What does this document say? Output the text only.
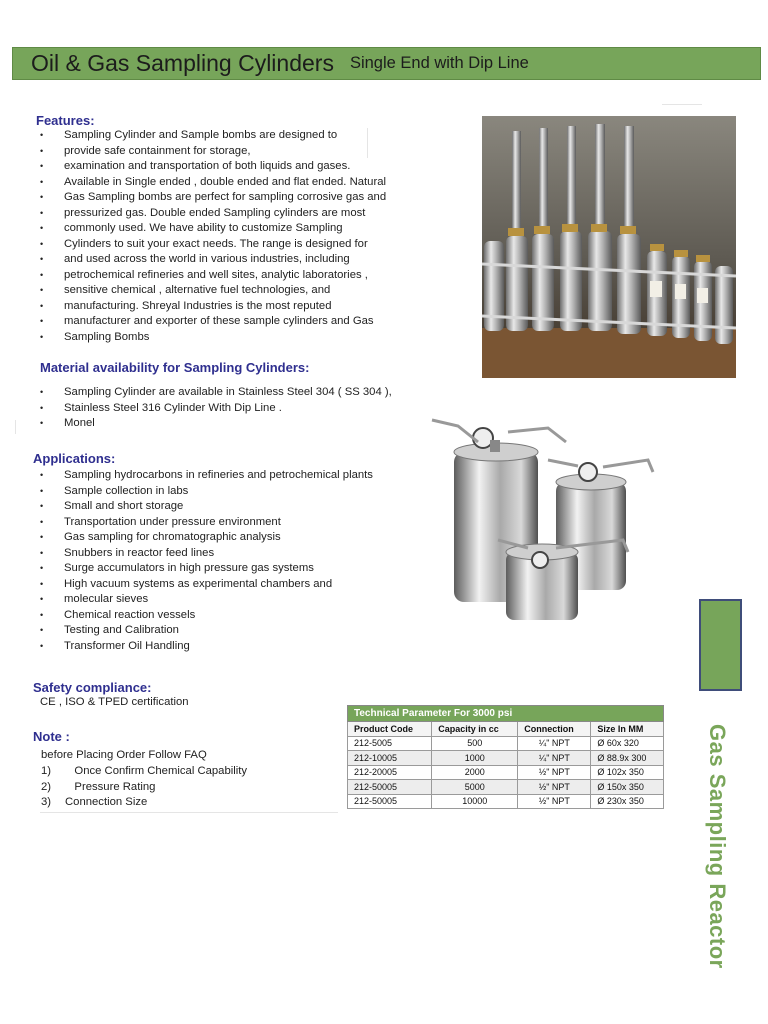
Oil & Gas Sampling Cylinders Single End with Dip Line
Features:
• Sampling Cylinder and Sample bombs are designed to
• provide safe containment for storage,
• examination and transportation of both liquids and gases.
• Available in Single ended , double ended and flat ended. Natural
• Gas Sampling bombs are perfect for sampling corrosive gas and
• pressurized gas. Double ended Sampling cylinders are most
• commonly used. We have ability to customize Sampling
• Cylinders to suit your exact needs. The range is designed for
• and used across the world in various industries, including
• petrochemical refineries and well sites, analytic laboratories ,
• sensitive chemical , alternative fuel technologies, and
• manufacturing. Shreyal Industries is the most reputed
• manufacturer and exporter of these sample cylinders and Gas
• Sampling Bombs
Material availability for Sampling Cylinders:
• Sampling Cylinder are available in Stainless Steel 304 ( SS 304 ),
• Stainless Steel 316 Cylinder With Dip Line .
• Monel
Applications:
• Sampling hydrocarbons in refineries and petrochemical plants
• Sample collection in labs
• Small and short storage
• Transportation under pressure environment
• Gas sampling for chromatographic analysis
• Snubbers in reactor feed lines
• Surge accumulators in high pressure gas systems
• High vacuum systems as experimental chambers and
• molecular sieves
• Chemical reaction vessels
• Testing and Calibration
• Transformer Oil Handling
Safety compliance:
CE , ISO & TPED certification
Note :
before Placing Order Follow FAQ
1)	Once Confirm Chemical Capability
2)	Pressure Rating
3)	Connection Size
Technical Parameter For 3000 psi			
Product Code	Capacity in cc	Connection	Size In MM
212-5005	500	¼" NPT	Ø 60x 320
212-10005	1000	¼" NPT	Ø 88.9x 300
212-20005	2000	½" NPT	Ø 102x 350
212-50005	5000	½" NPT	Ø 150x 350
212-50005	10000	½" NPT	Ø 230x 350	Gas Sampling Reactor
